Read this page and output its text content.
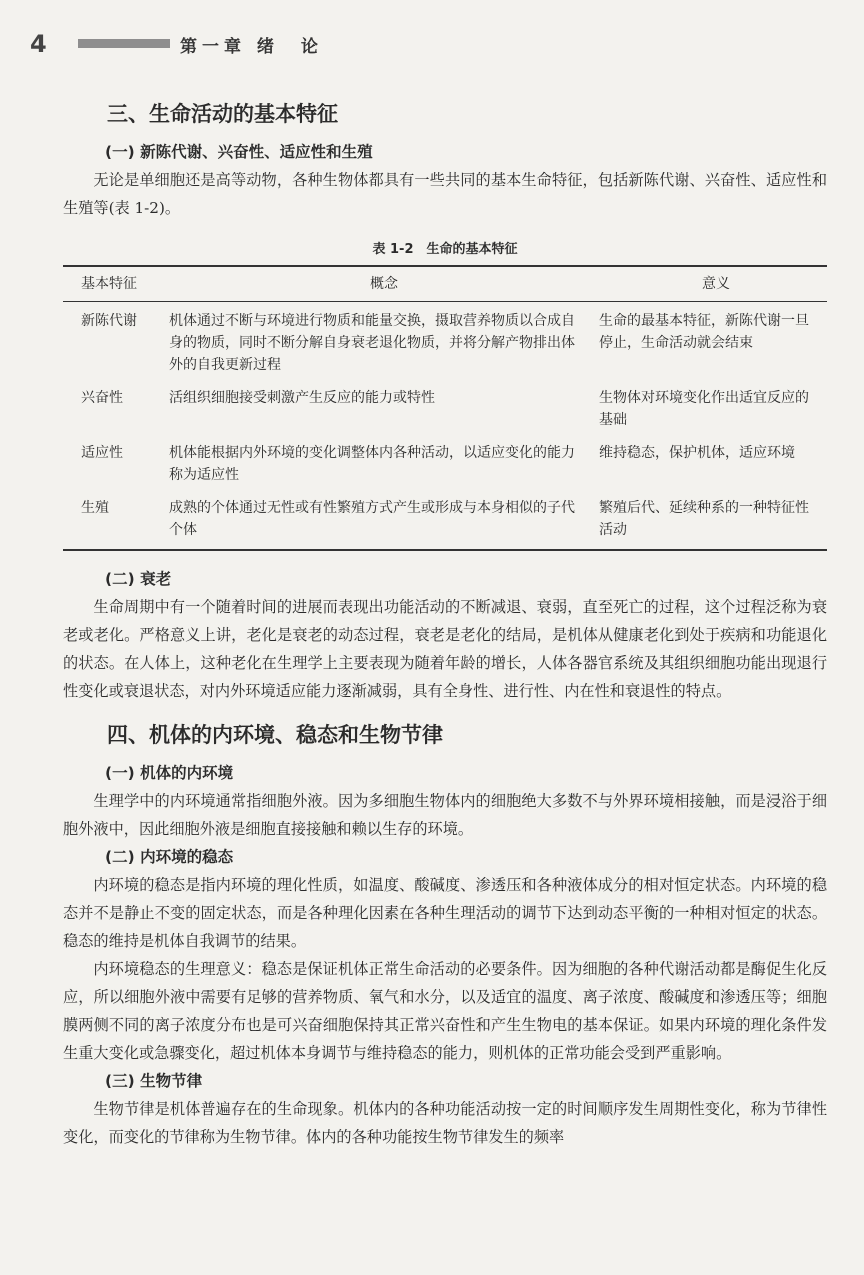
4	第一章 绪　论
三、生命活动的基本特征
(一) 新陈代谢、兴奋性、适应性和生殖

无论是单细胞还是高等动物，各种生物体都具有一些共同的基本生命特征，包括新陈代谢、兴奋性、适应性和生殖等(表 1-2)。

表 1-2　生命的基本特征
基本特征	概念	意义
新陈代谢	机体通过不断与环境进行物质和能量交换，摄取营养物质以合成自身的物质，同时不断分解自身衰老退化物质，并将分解产物排出体外的自我更新过程	生命的最基本特征，新陈代谢一旦停止，生命活动就会结束
兴奋性	活组织细胞接受刺激产生反应的能力或特性	生物体对环境变化作出适宜反应的基础
适应性	机体能根据内外环境的变化调整体内各种活动，以适应变化的能力称为适应性	维持稳态，保护机体，适应环境
生殖	成熟的个体通过无性或有性繁殖方式产生或形成与本身相似的子代个体	繁殖后代、延续种系的一种特征性活动
(二) 衰老

生命周期中有一个随着时间的进展而表现出功能活动的不断减退、衰弱，直至死亡的过程，这个过程泛称为衰老或老化。严格意义上讲，老化是衰老的动态过程，衰老是老化的结局，是机体从健康老化到处于疾病和功能退化的状态。在人体上，这种老化在生理学上主要表现为随着年龄的增长，人体各器官系统及其组织细胞功能出现退行性变化或衰退状态，对内外环境适应能力逐渐减弱，具有全身性、进行性、内在性和衰退性的特点。

四、机体的内环境、稳态和生物节律
(一) 机体的内环境

生理学中的内环境通常指细胞外液。因为多细胞生物体内的细胞绝大多数不与外界环境相接触，而是浸浴于细胞外液中，因此细胞外液是细胞直接接触和赖以生存的环境。

(二) 内环境的稳态

内环境的稳态是指内环境的理化性质，如温度、酸碱度、渗透压和各种液体成分的相对恒定状态。内环境的稳态并不是静止不变的固定状态，而是各种理化因素在各种生理活动的调节下达到动态平衡的一种相对恒定的状态。稳态的维持是机体自我调节的结果。

内环境稳态的生理意义：稳态是保证机体正常生命活动的必要条件。因为细胞的各种代谢活动都是酶促生化反应，所以细胞外液中需要有足够的营养物质、氧气和水分，以及适宜的温度、离子浓度、酸碱度和渗透压等；细胞膜两侧不同的离子浓度分布也是可兴奋细胞保持其正常兴奋性和产生生物电的基本保证。如果内环境的理化条件发生重大变化或急骤变化，超过机体本身调节与维持稳态的能力，则机体的正常功能会受到严重影响。

(三) 生物节律

生物节律是机体普遍存在的生命现象。机体内的各种功能活动按一定的时间顺序发生周期性变化，称为节律性变化，而变化的节律称为生物节律。体内的各种功能按生物节律发生的频率
